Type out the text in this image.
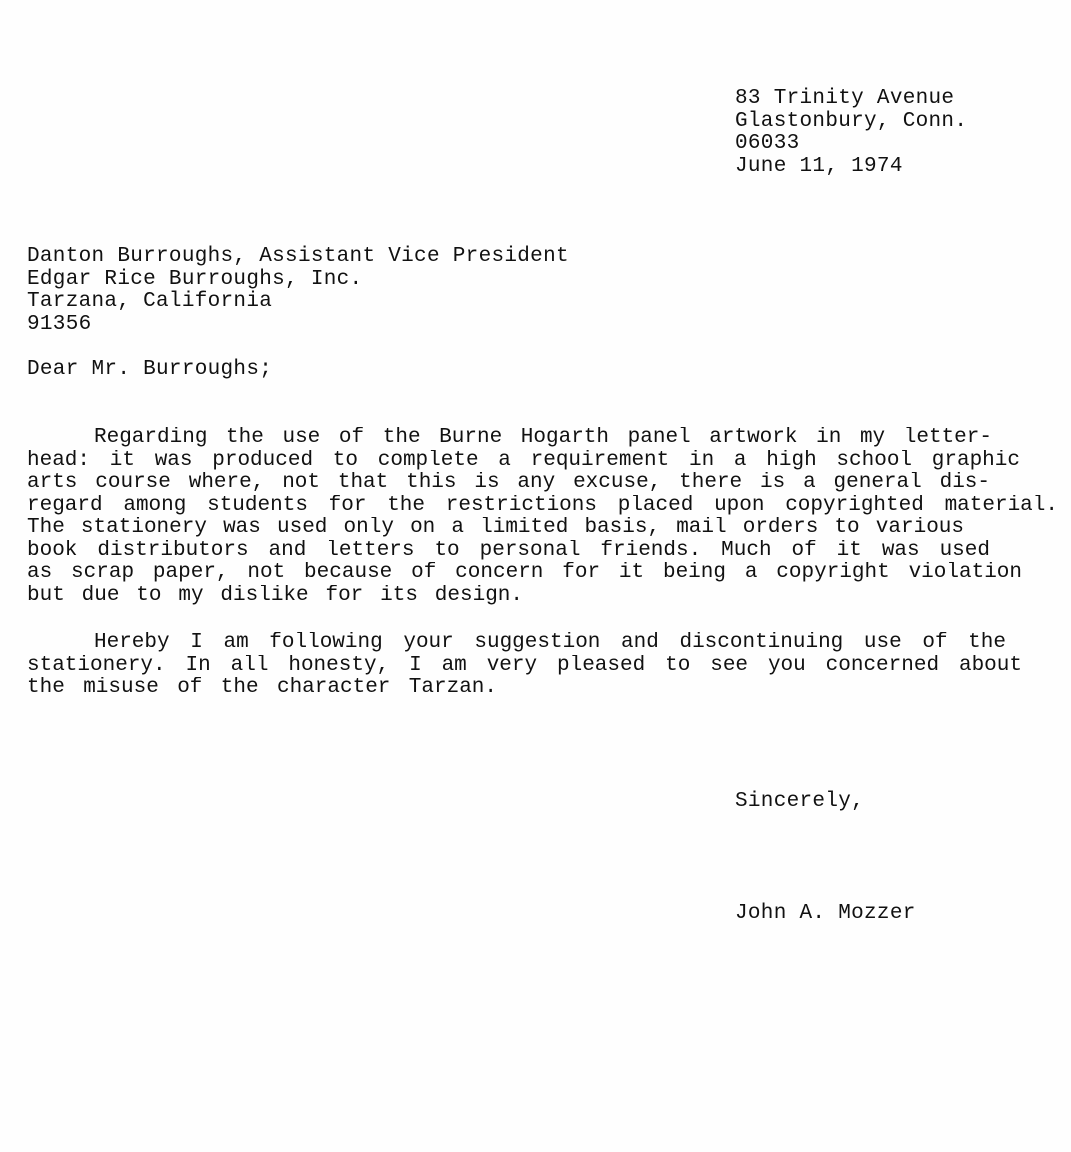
83 Trinity Avenue
Glastonbury, Conn.
06033
June 11, 1974
Danton Burroughs, Assistant Vice President
Edgar Rice Burroughs, Inc.
Tarzana, California
91356
Dear Mr. Burroughs;
Regarding the use of the Burne Hogarth panel artwork in my letter-
head: it was produced to complete a requirement in a high school graphic
arts course where, not that this is any excuse, there is a general dis-
regard among students for the restrictions placed upon copyrighted material.
The stationery was used only on a limited basis, mail orders to various
book distributors and letters to personal friends. Much of it was used
as scrap paper, not because of concern for it being a copyright violation
but due to my dislike for its design.
Hereby I am following your suggestion and discontinuing use of the
stationery. In all honesty, I am very pleased to see you concerned about
the misuse of the character Tarzan.
Sincerely,
John A. Mozzer
